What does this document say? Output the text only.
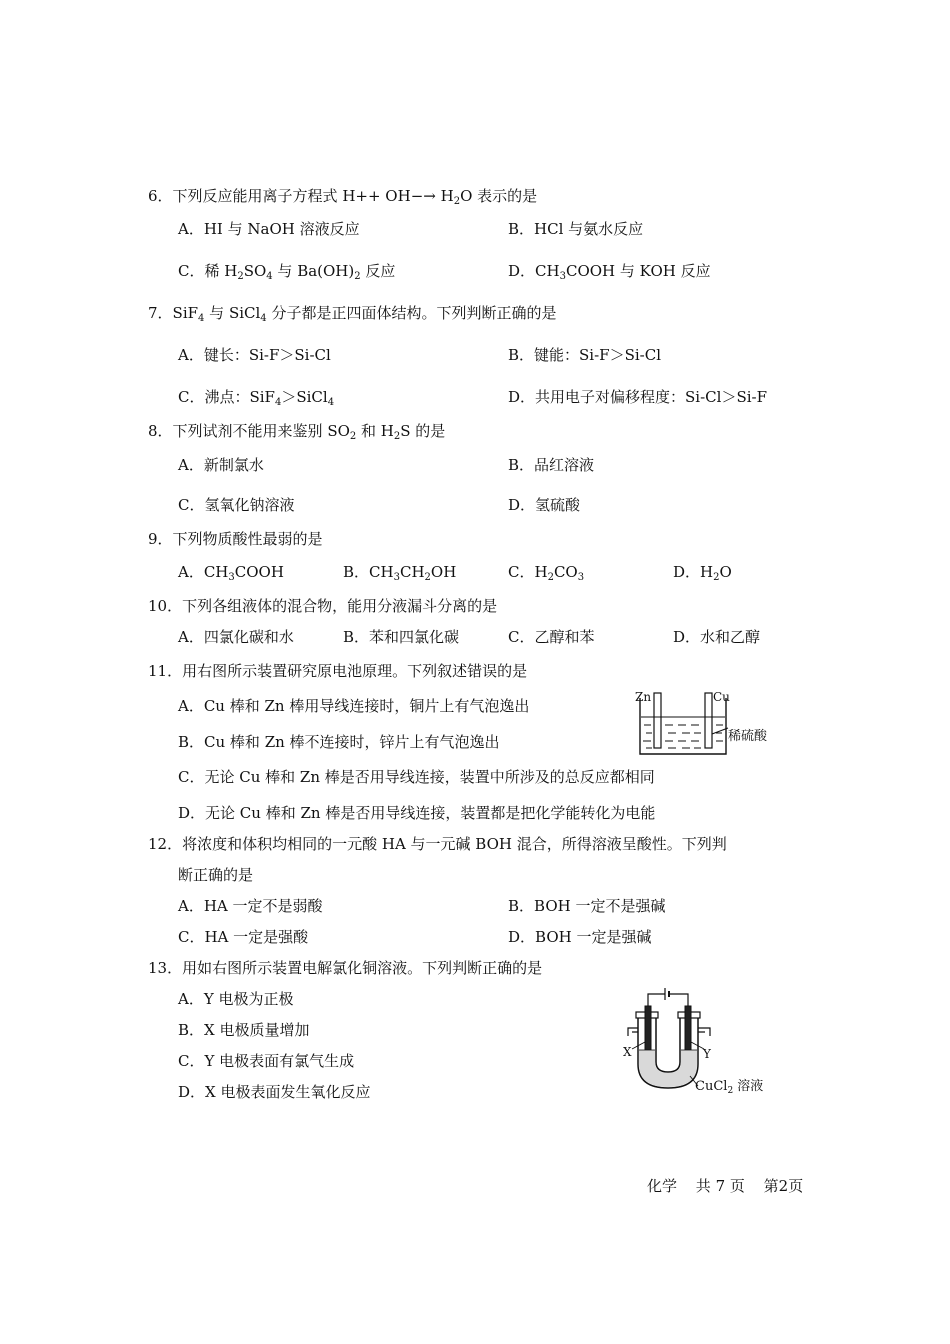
6．下列反应能用离子方程式 $H++ OH-\to H_2O$ 表示的是
A．HI 与 NaOH 溶液反应	B．HCl 与氨水反应
C．稀 $H_2SO_4$ 与 $Ba(OH)_2$ 反应	D．$CH_3COOH$ 与 KOH 反应
7．SiF$_4$ 与 SiCl$_4$ 分子都是正四面体结构。下列判断正确的是
A．键长：Si-F＞Si-Cl	B．键能：Si-F＞Si-Cl
C．沸点：SiF$_4$＞SiCl$_4$	D．共用电子对偏移程度：Si-Cl＞Si-F
8．下列试剂不能用来鉴别 $SO_2$ 和 $H_2S$ 的是
A．新制氯水	B．品红溶液
C．氢氧化钠溶液	D．氢硫酸
9．下列物质酸性最弱的是
A．$CH_3COOH$	B．$CH_3CH_2OH$	C．$H_2CO_3$	D．$H_2O$
10．下列各组液体的混合物，能用分液漏斗分离的是
A．四氯化碳和水	B．苯和四氯化碳	C．乙醇和苯	D．水和乙醇
11．用右图所示装置研究原电池原理。下列叙述错误的是
A．Cu 棒和 Zn 棒用导线连接时，铜片上有气泡逸出
B．Cu 棒和 Zn 棒不连接时，锌片上有气泡逸出
C．无论 Cu 棒和 Zn 棒是否用导线连接，装置中所涉及的总反应都相同
D．无论 Cu 棒和 Zn 棒是否用导线连接，装置都是把化学能转化为电能
Zn	Cu
稀硫酸
12．将浓度和体积均相同的一元酸 HA 与一元碱 BOH 混合，所得溶液呈酸性。下列判
断正确的是
A．HA 一定不是弱酸	B．BOH 一定不是强碱
C．HA 一定是强酸	D．BOH 一定是强碱
13．用如右图所示装置电解氯化铜溶液。下列判断正确的是
A．Y 电极为正极
B．X 电极质量增加
C．Y 电极表面有氯气生成
D．X 电极表面发生氧化反应
X	Y
CuCl$_2$ 溶液
化学 共 7 页 第2页
